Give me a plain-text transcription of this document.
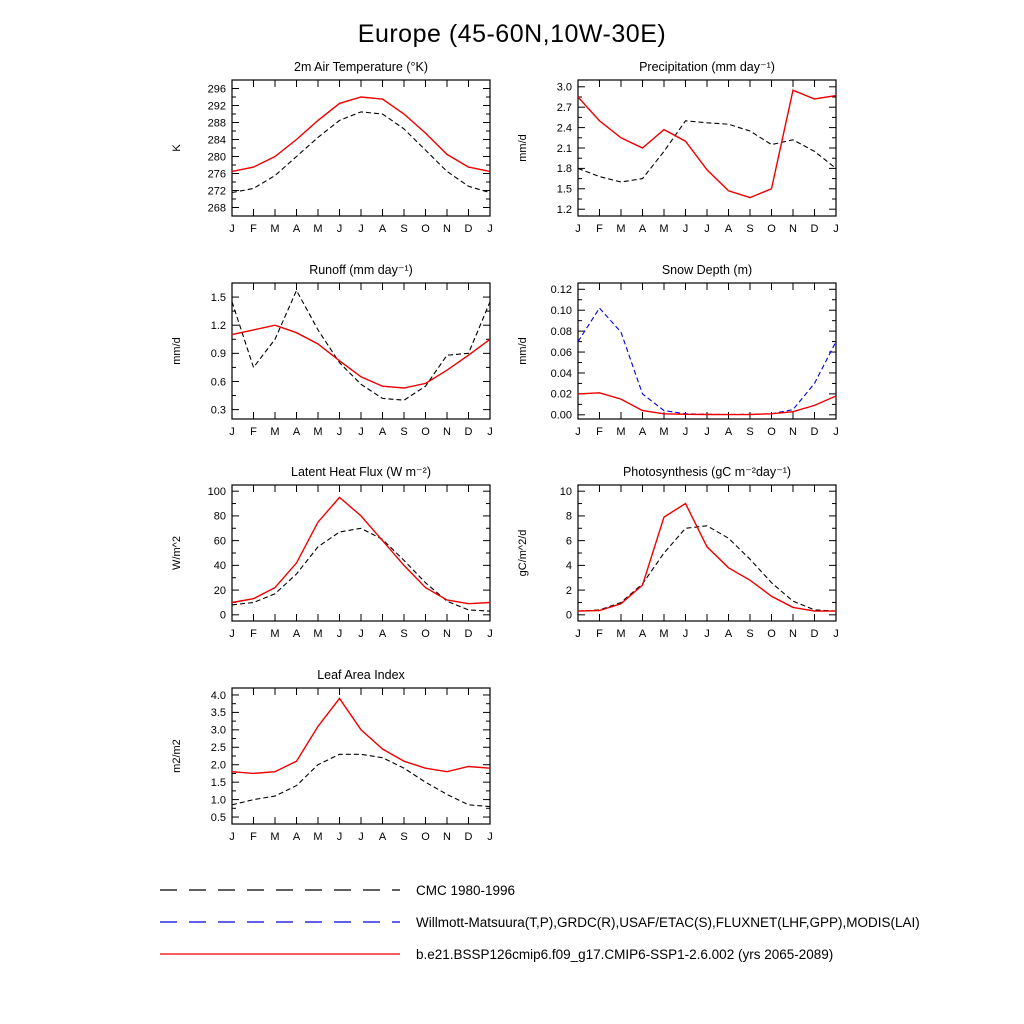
Europe (45-60N,10W-30E)
2m Air Temperature (°K)
K
268
272
276
280
284
288
292
296
J F M A M J J A S O N D J
Precipitation (mm day⁻¹)
mm/d
1.2
1.5
1.8
2.1
2.4
2.7
3.0
J F M A M J J A S O N D J
Runoff (mm day⁻¹)
mm/d
0.3
0.6
0.9
1.2
1.5
J F M A M J J A S O N D J
Snow Depth (m)
mm/d
0.00
0.02
0.04
0.06
0.08
0.10
0.12
J F M A M J J A S O N D J
Latent Heat Flux (W m⁻²)
W/m^2
0
20
40
60
80
100
J F M A M J J A S O N D J
Photosynthesis (gC m⁻²day⁻¹)
gC/m^2/d
0
2
4
6
8
10
J F M A M J J A S O N D J
Leaf Area Index
m2/m2
0.5
1.0
1.5
2.0
2.5
3.0
3.5
4.0
J F M A M J J A S O N D J
CMC 1980-1996
Willmott-Matsuura(T,P),GRDC(R),USAF/ETAC(S),FLUXNET(LHF,GPP),MODIS(LAI)
b.e21.BSSP126cmip6.f09_g17.CMIP6-SSP1-2.6.002 (yrs 2065-2089)
